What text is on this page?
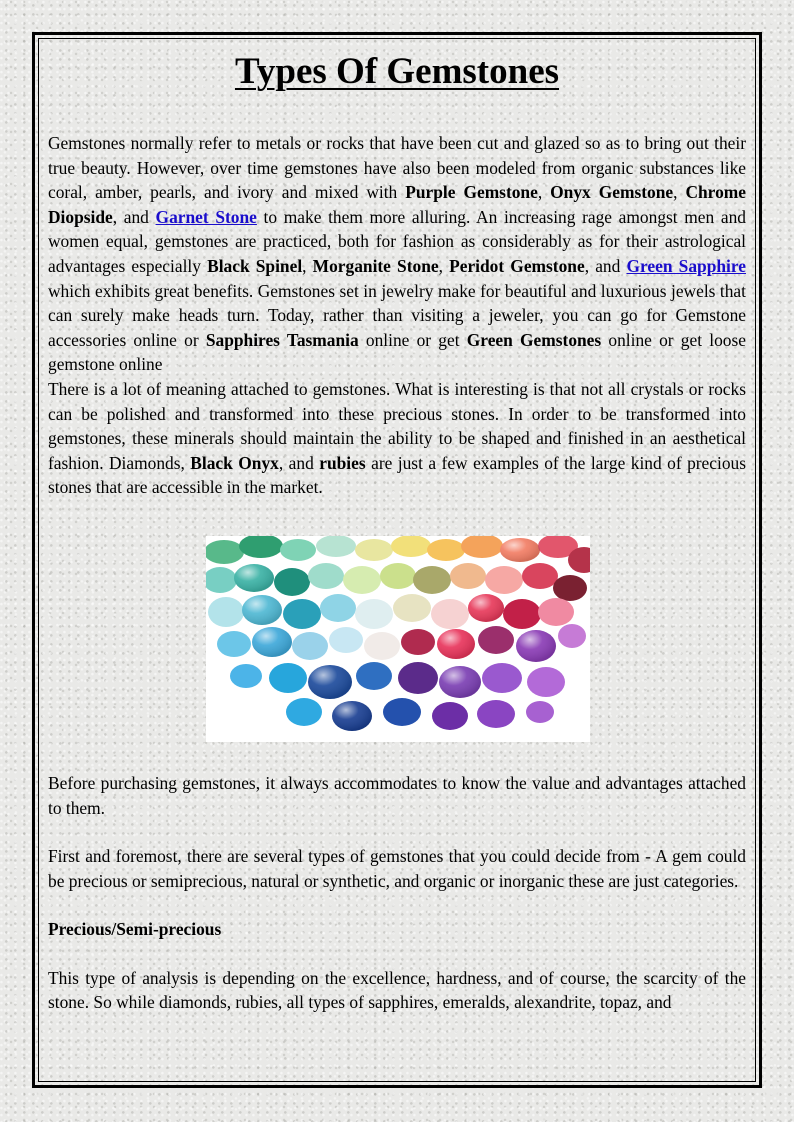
Types Of Gemstones

Gemstones normally refer to metals or rocks that have been cut and glazed so as to bring out their true beauty. However, over time gemstones have also been modeled from organic substances like coral, amber, pearls, and ivory and mixed with Purple Gemstone, Onyx Gemstone, Chrome Diopside, and Garnet Stone to make them more alluring. An increasing rage amongst men and women equal, gemstones are practiced, both for fashion as considerably as for their astrological advantages especially Black Spinel, Morganite Stone, Peridot Gemstone, and Green Sapphire which exhibits great benefits. Gemstones set in jewelry make for beautiful and luxurious jewels that can surely make heads turn. Today, rather than visiting a jeweler, you can go for Gemstone accessories online or Sapphires Tasmania online or get Green Gemstones online or get loose gemstone online

There is a lot of meaning attached to gemstones. What is interesting is that not all crystals or rocks can be polished and transformed into these precious stones. In order to be transformed into gemstones, these minerals should maintain the ability to be shaped and finished in an aesthetical fashion. Diamonds, Black Onyx, and rubies are just a few examples of the large kind of precious stones that are accessible in the market.

Before purchasing gemstones, it always accommodates to know the value and advantages attached to them.

First and foremost, there are several types of gemstones that you could decide from - A gem could be precious or semiprecious, natural or synthetic, and organic or inorganic these are just categories.

Precious/Semi-precious

This type of analysis is depending on the excellence, hardness, and of course, the scarcity of the stone. So while diamonds, rubies, all types of sapphires, emeralds, alexandrite, topaz, and
